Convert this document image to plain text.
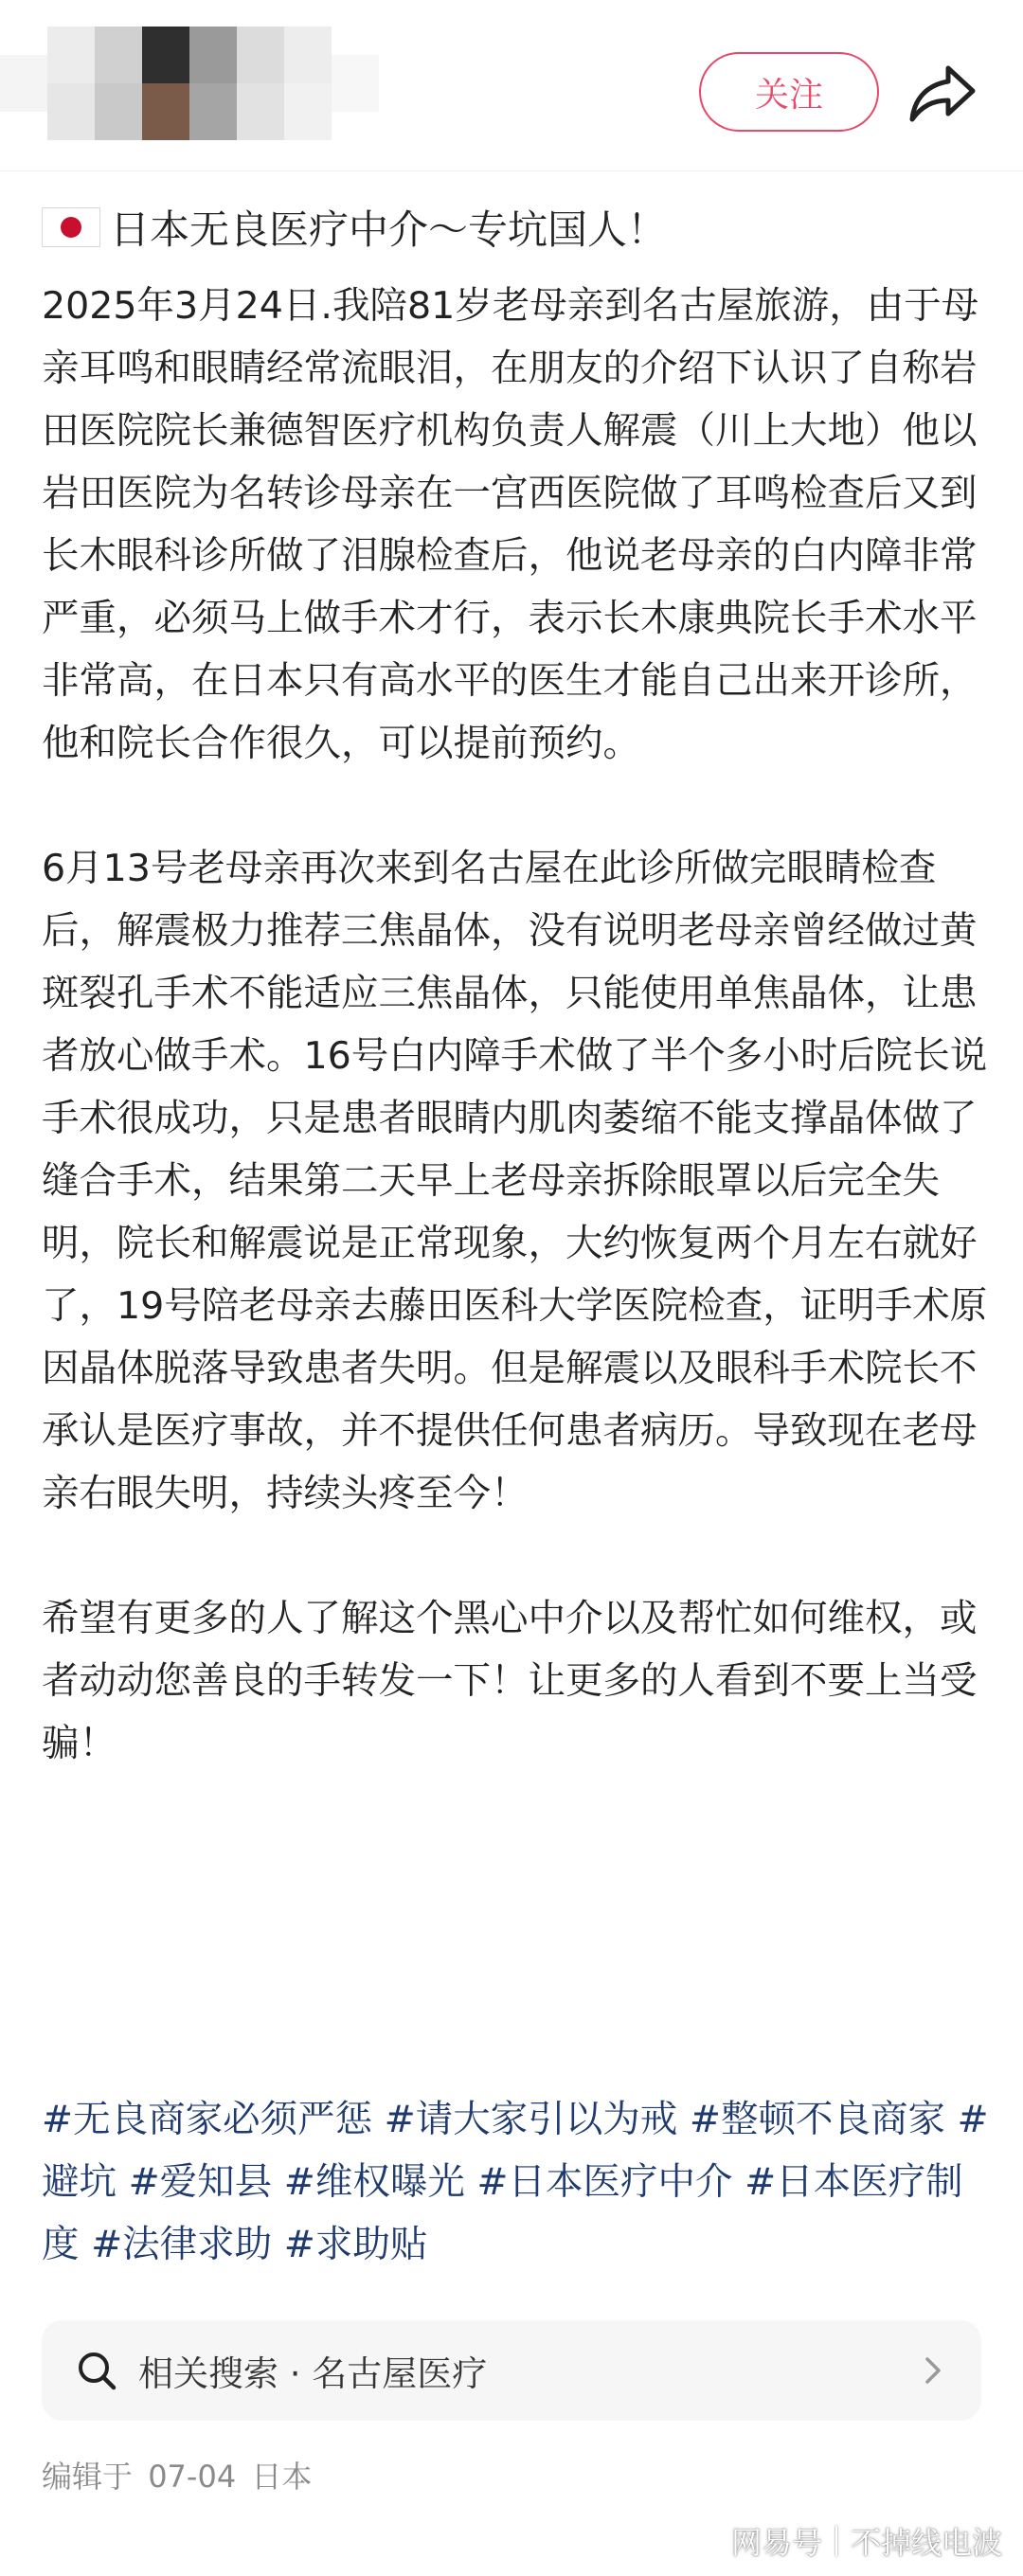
关注
日本无良医疗中介～专坑国人！

2025年3月24日.我陪81岁老母亲到名古屋旅游，由于母亲耳鸣和眼睛经常流眼泪，在朋友的介绍下认识了自称岩田医院院长兼德智医疗机构负责人解震（川上大地）他以岩田医院为名转诊母亲在一宫西医院做了耳鸣检查后又到长木眼科诊所做了泪腺检查后，他说老母亲的白内障非常严重，必须马上做手术才行，表示长木康典院长手术水平非常高，在日本只有高水平的医生才能自己出来开诊所，他和院长合作很久，可以提前预约。

6月13号老母亲再次来到名古屋在此诊所做完眼睛检查后，解震极力推荐三焦晶体，没有说明老母亲曾经做过黄斑裂孔手术不能适应三焦晶体，只能使用单焦晶体，让患者放心做手术。16号白内障手术做了半个多小时后院长说手术很成功，只是患者眼睛内肌肉萎缩不能支撑晶体做了缝合手术，结果第二天早上老母亲拆除眼罩以后完全失明，院长和解震说是正常现象，大约恢复两个月左右就好了，19号陪老母亲去藤田医科大学医院检查，证明手术原因晶体脱落导致患者失明。但是解震以及眼科手术院长不承认是医疗事故，并不提供任何患者病历。导致现在老母亲右眼失明，持续头疼至今！

希望有更多的人了解这个黑心中介以及帮忙如何维权，或者动动您善良的手转发一下！让更多的人看到不要上当受骗！

#无良商家必须严惩 #请大家引以为戒 #整顿不良商家 #避坑 #爱知县 #维权曝光 #日本医疗中介 #日本医疗制度 #法律求助 #求助贴
相关搜索 · 名古屋医疗
编辑于 07-04 日本
网易号 不掉线电波
